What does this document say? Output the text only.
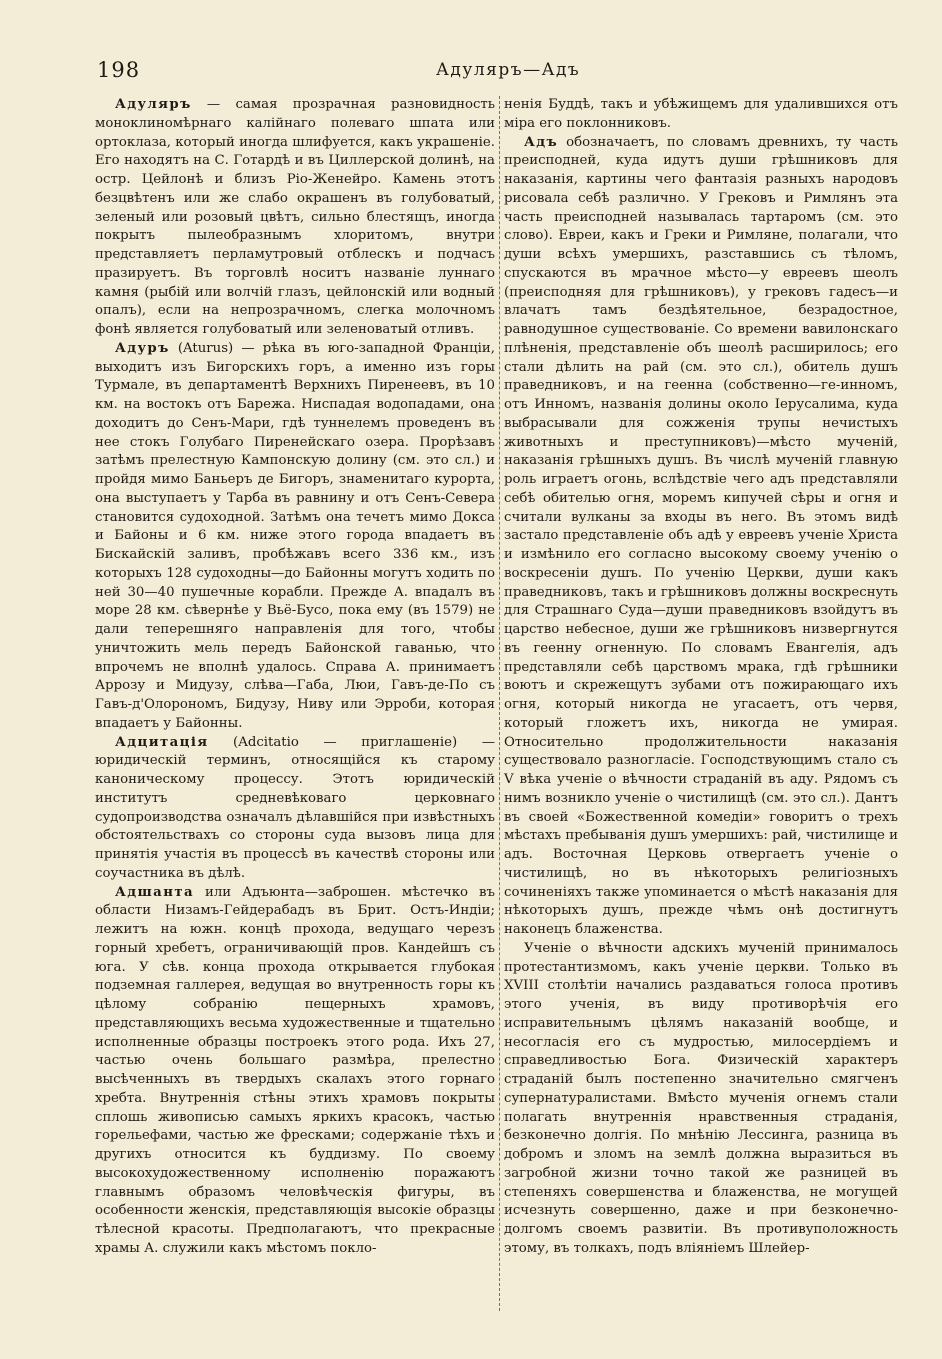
198	Адуляръ—Адъ

Адуляръ — самая прозрачная разновидность моноклиномѣрнаго калійнаго полеваго шпата или ортоклаза, который иногда шлифуется, какъ украшеніе. Его находятъ на С. Готардѣ и въ Циллерской долинѣ, на остр. Цейлонѣ и близъ Ріо-Женейро. Камень этотъ безцвѣтенъ или же слабо окрашенъ въ голубоватый, зеленый или розовый цвѣтъ, сильно блестящъ, иногда покрытъ пылеобразнымъ хлоритомъ, внутри представляетъ перламутровый отблескъ и подчасъ празируетъ. Въ торговлѣ носитъ названіе луннаго камня (рыбій или волчій глазъ, цейлонскій или водный опалъ), если на непрозрачномъ, слегка молочномъ фонѣ является голубоватый или зеленоватый отливъ.

Адуръ (Aturus) — рѣка въ юго-западной Франціи, выходитъ изъ Бигорскихъ горъ, а именно изъ горы Турмале, въ департаментѣ Верхнихъ Пиренеевъ, въ 10 км. на востокъ отъ Барежа. Ниспадая водопадами, она доходитъ до Сенъ-Мари, гдѣ туннелемъ проведенъ въ нее стокъ Голубаго Пиренейскаго озера. Прорѣзавъ затѣмъ прелестную Кампонскую долину (см. это сл.) и пройдя мимо Баньеръ де Бигоръ, знаменитаго курорта, она выступаетъ у Тарба въ равнину и отъ Сенъ-Севера становится судоходной. Затѣмъ она течетъ мимо Докса и Байоны и 6 км. ниже этого города впадаетъ въ Бискайскій заливъ, пробѣжавъ всего 336 км., изъ которыхъ 128 судоходны—до Байонны могутъ ходить по ней 30—40 пушечные корабли. Прежде А. впадалъ въ море 28 км. сѣвернѣе у Вьё-Бусо, пока ему (въ 1579) не дали теперешняго направленія для того, чтобы уничтожить мель передъ Байонской гаванью, что впрочемъ не вполнѣ удалось. Справа А. принимаетъ Аррозу и Мидузу, слѣва—Габа, Люи, Гавъ-де-По съ Гавъ-д'Олорономъ, Бидузу, Ниву или Эрроби, которая впадаетъ у Байонны.

Адцитація (Adcitatio — приглашеніе) — юридическій терминъ, относящійся къ старому каноническому процессу. Этотъ юридическій институтъ средневѣковаго церковнаго судопроизводства означалъ дѣлавшійся при извѣстныхъ обстоятельствахъ со стороны суда вызовъ лица для принятія участія въ процессѣ въ качествѣ стороны или соучастника въ дѣлѣ.

Адшанта или Адъюнта—заброшен. мѣстечко въ области Низамъ-Гейдерабадъ въ Брит. Остъ-Индіи; лежитъ на южн. концѣ прохода, ведущаго черезъ горный хребетъ, ограничивающій пров. Кандейшъ съ юга. У сѣв. конца прохода открывается глубокая подземная галлерея, ведущая во внутренность горы къ цѣлому собранію пещерныхъ храмовъ, представляющихъ весьма художественные и тщательно исполненные образцы построекъ этого рода. Ихъ 27, частью очень большаго размѣра, прелестно высѣченныхъ въ твердыхъ скалахъ этого горнаго хребта. Внутреннія стѣны этихъ храмовъ покрыты сплошь живописью самыхъ яркихъ красокъ, частью горельефами, частью же фресками; содержаніе тѣхъ и другихъ относится къ буддизму. По своему высокохудожественному исполненію поражаютъ главнымъ образомъ человѣческія фигуры, въ особенности женскія, представляющія высокіе образцы тѣлесной красоты. Предполагаютъ, что прекрасные храмы А. служили какъ мѣстомъ покло-

ненія Буддѣ, такъ и убѣжищемъ для удалившихся отъ міра его поклонниковъ.

Адъ обозначаетъ, по словамъ древнихъ, ту часть преисподней, куда идутъ души грѣшниковъ для наказанія, картины чего фантазія разныхъ народовъ рисовала себѣ различно. У Грековъ и Римлянъ эта часть преисподней называлась тартаромъ (см. это слово). Евреи, какъ и Греки и Римляне, полагали, что души всѣхъ умершихъ, разставшись съ тѣломъ, спускаются въ мрачное мѣсто—у евреевъ шеолъ (преисподняя для грѣшниковъ), у грековъ гадесъ—и влачатъ тамъ бездѣятельное, безрадостное, равнодушное существованіе. Со времени вавилонскаго плѣненія, представленіе объ шеолѣ расширилось; его стали дѣлить на рай (см. это сл.), обитель душъ праведниковъ, и на геенна (собственно—ге-инномъ, отъ Инномъ, названія долины около Іерусалима, куда выбрасывали для сожженія трупы нечистыхъ животныхъ и преступниковъ)—мѣсто мученій, наказанія грѣшныхъ душъ. Въ числѣ мученій главную роль играетъ огонь, вслѣдствіе чего адъ представляли себѣ обителью огня, моремъ кипучей сѣры и огня и считали вулканы за входы въ него. Въ этомъ видѣ застало представленіе объ адѣ у евреевъ ученіе Христа и измѣнило его согласно высокому своему ученію о воскресеніи душъ. По ученію Церкви, души какъ праведниковъ, такъ и грѣшниковъ должны воскреснуть для Страшнаго Суда—души праведниковъ взойдутъ въ царство небесное, души же грѣшниковъ низвергнутся въ геенну огненную. По словамъ Евангелія, адъ представляли себѣ царствомъ мрака, гдѣ грѣшники воютъ и скрежещутъ зубами отъ пожирающаго ихъ огня, который никогда не угасаетъ, отъ червя, который гложетъ ихъ, никогда не умирая. Относительно продолжительности наказанія существовало разногласіе. Господствующимъ стало съ V вѣка ученіе о вѣчности страданій въ аду. Рядомъ съ нимъ возникло ученіе о чистилищѣ (см. это сл.). Дантъ въ своей «Божественной комедіи» говоритъ о трехъ мѣстахъ пребыванія душъ умершихъ: рай, чистилище и адъ. Восточная Церковь отвергаетъ ученіе о чистилищѣ, но въ нѣкоторыхъ религіозныхъ сочиненіяхъ также упоминается о мѣстѣ наказанія для нѣкоторыхъ душъ, прежде чѣмъ онѣ достигнутъ наконецъ блаженства.

Ученіе о вѣчности адскихъ мученій принималось протестантизмомъ, какъ ученіе церкви. Только въ XVIII столѣтіи начались раздаваться голоса противъ этого ученія, въ виду противорѣчія его исправительнымъ цѣлямъ наказаній вообще, и несогласія его съ мудростью, милосердіемъ и справедливостью Бога. Физическій характеръ страданій былъ постепенно значительно смягченъ супернатуралистами. Вмѣсто мученія огнемъ стали полагать внутреннія нравственныя страданія, безконечно долгія. По мнѣнію Лессинга, разница въ добромъ и зломъ на землѣ должна выразиться въ загробной жизни точно такой же разницей въ степеняхъ совершенства и блаженства, не могущей исчезнуть совершенно, даже и при безконечно-долгомъ своемъ развитіи. Въ противуположность этому, въ толкахъ, подъ вліяніемъ Шлейер-
